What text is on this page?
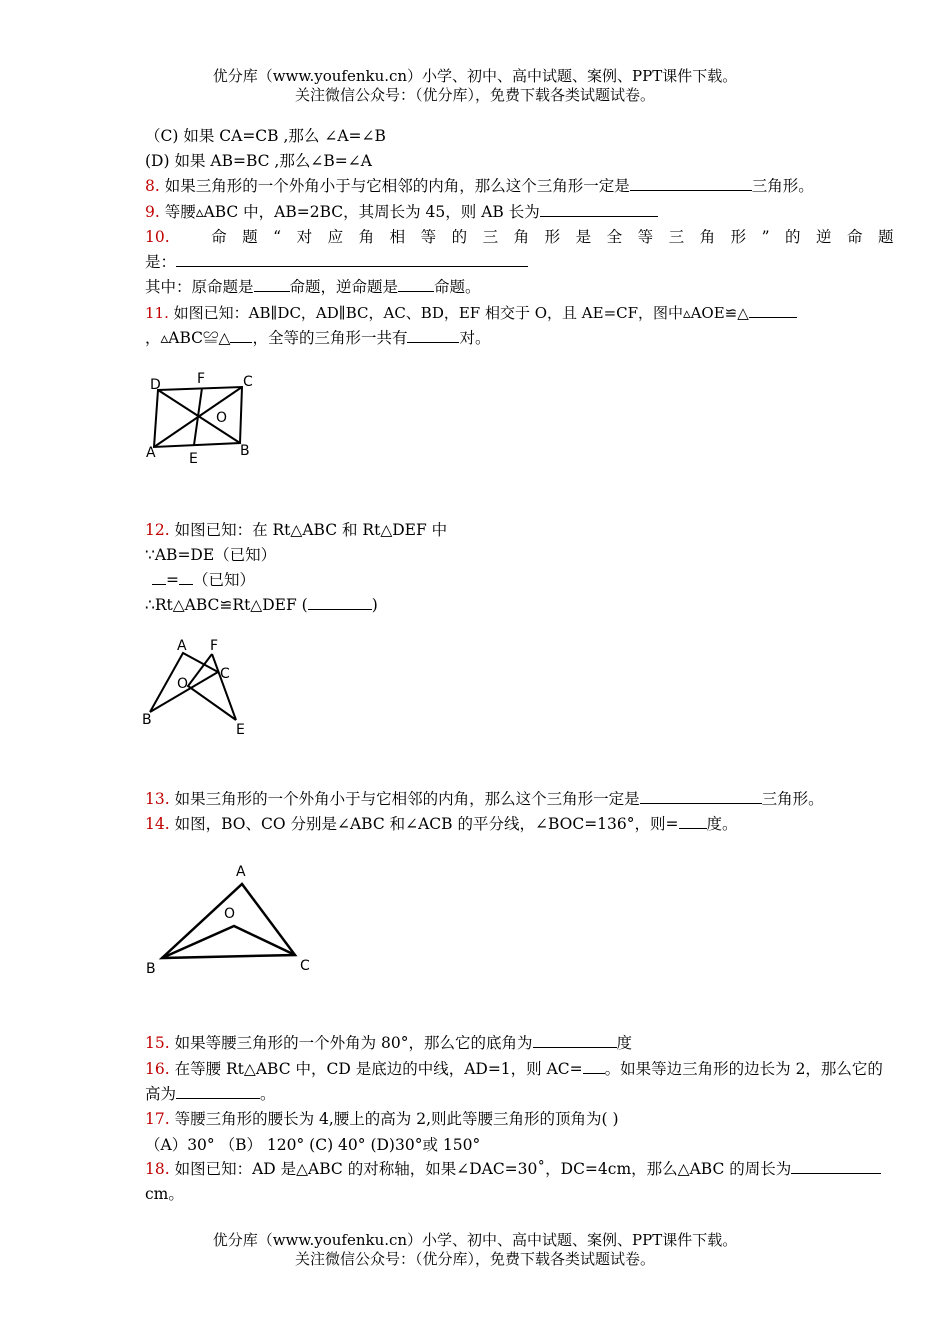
优分库（www.youfenku.cn）小学、初中、高中试题、案例、PPT课件下载。
关注微信公众号：（优分库），免费下载各类试题试卷。
（C) 如果 CA=CB ,那么 ∠A=∠B
(D) 如果 AB=BC ,那么∠B=∠A
8. 如果三角形的一个外角小于与它相邻的内角，那么这个三角形一定是	三角形。
9. 等腰▵ABC 中，AB=2BC，其周长为 45，则 AB 长为
10.	命题“对应角相等的三角形是全等三角形”的逆命题
是：
其中：原命题是 命题，逆命题是 命题。
11. 如图已知：AB∥DC，AD∥BC，AC、BD，EF 相交于 O，且 AE=CF，图中▵AOE≌△
，▵ABC≌△ ，全等的三角形一共有	对。
D	F	C
O
A E	B
12. 如图已知：在 Rt△ABC 和 Rt△DEF 中
∵AB=DE（已知）
= （已知）
∴Rt△ABC≌Rt△DEF (	)
A F
O
C
B
E
13. 如果三角形的一个外角小于与它相邻的内角，那么这个三角形一定是	三角形。
14. 如图，BO、CO 分别是∠ABC 和∠ACB 的平分线，∠BOC=136°，则= 度。
A
O
B	C
15. 如果等腰三角形的一个外角为 80°，那么它的底角为	度
16. 在等腰 Rt△ABC 中，CD 是底边的中线，AD=1，则 AC= 。如果等边三角形的边长为 2，那么它的
高为	。
17. 等腰三角形的腰长为 4,腰上的高为 2,则此等腰三角形的顶角为( )
（A）30° （B） 120° (C) 40° (D)30°或 150°
18. 如图已知：AD 是△ABC 的对称轴，如果∠DAC=30˚，DC=4cm，那么△ABC 的周长为
cm。
优分库（www.youfenku.cn）小学、初中、高中试题、案例、PPT课件下载。
关注微信公众号：（优分库），免费下载各类试题试卷。
